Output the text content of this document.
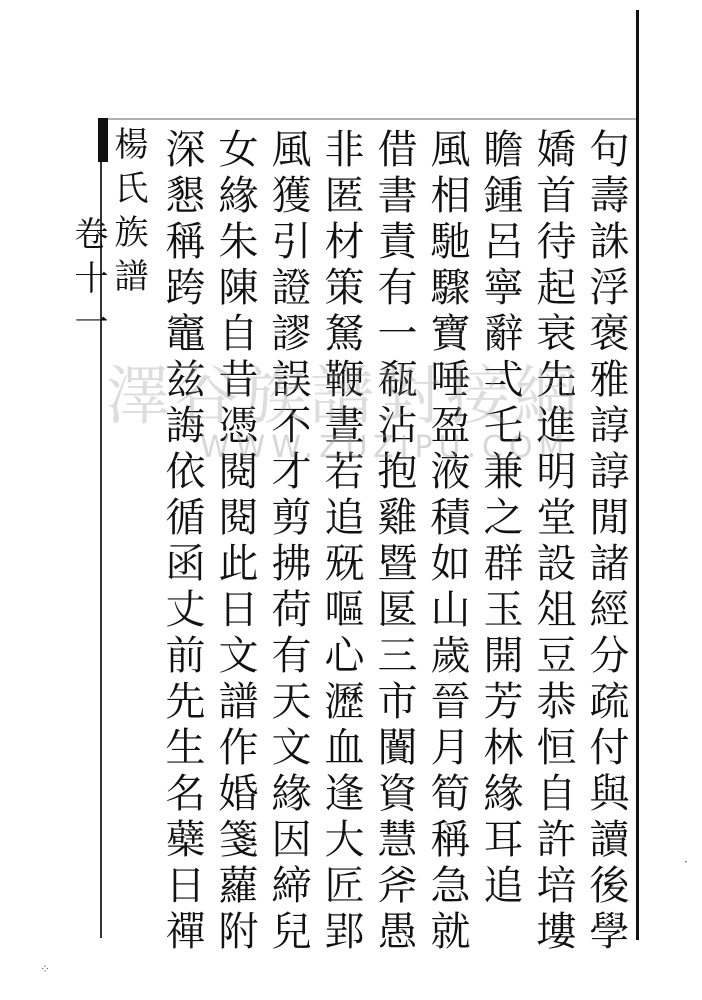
句壽誅浮褒雅諄諄閒諸經分疏付與讀後學
嬌首待起衰先進明堂設俎豆恭恒自許培塿
瞻鍾呂寧辭弌乇兼之群玉開芳林緣耳追
風相馳驟寶唾盈液積如山歲晉月筍稱急就
借書責有一瓻沾抱雞暨匽三市闠資慧斧愚
非匿材策駑鞭晝若追兓嘔心瀝血逢大匠郢
風獲引證謬誤不才剪拂荷有天文緣因締兒
女緣朱陳自昔憑閱閱此日文譜作婚箋蘿附
深懇稱跨竈兹誨依循函丈前先生名蘗日禪
楊氏族譜
卷十一
澤谷族譜對接網
WWW.ZUZIPU.COM
⁘
·
